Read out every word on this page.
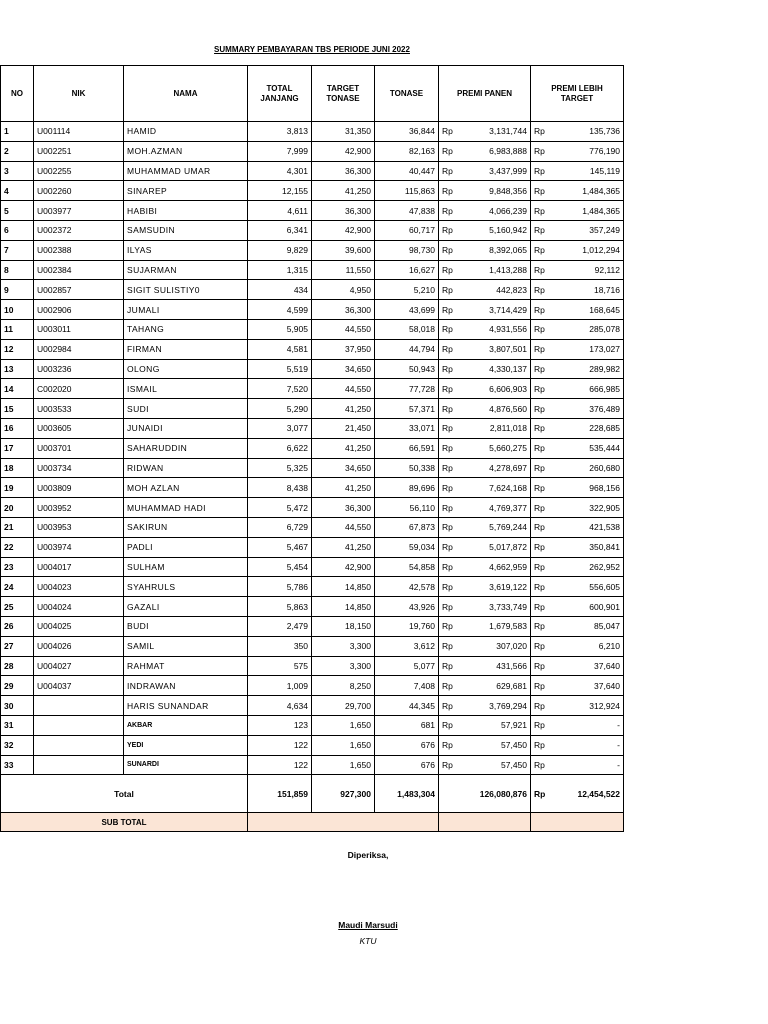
SUMMARY PEMBAYARAN TBS PERIODE JUNI 2022
NO	NIK	NAMA	TOTAL JANJANG	TARGET TONASE	TONASE	PREMI PANEN		PREMI LEBIH TARGET	
1	U001114	HAMID	3,813	31,350	36,844	Rp	3,131,744	Rp	135,736
2	U002251	MOH.AZMAN	7,999	42,900	82,163	Rp	6,983,888	Rp	776,190
3	U002255	MUHAMMAD UMAR	4,301	36,300	40,447	Rp	3,437,999	Rp	145,119
4	U002260	SINAREP	12,155	41,250	115,863	Rp	9,848,356	Rp	1,484,365
5	U003977	HABIBI	4,611	36,300	47,838	Rp	4,066,239	Rp	1,484,365
6	U002372	SAMSUDIN	6,341	42,900	60,717	Rp	5,160,942	Rp	357,249
7	U002388	ILYAS	9,829	39,600	98,730	Rp	8,392,065	Rp	1,012,294
8	U002384	SUJARMAN	1,315	11,550	16,627	Rp	1,413,288	Rp	92,112
9	U002857	SIGIT SULISTIY0	434	4,950	5,210	Rp	442,823	Rp	18,716
10	U002906	JUMALI	4,599	36,300	43,699	Rp	3,714,429	Rp	168,645
11	U003011	TAHANG	5,905	44,550	58,018	Rp	4,931,556	Rp	285,078
12	U002984	FIRMAN	4,581	37,950	44,794	Rp	3,807,501	Rp	173,027
13	U003236	OLONG	5,519	34,650	50,943	Rp	4,330,137	Rp	289,982
14	C002020	ISMAIL	7,520	44,550	77,728	Rp	6,606,903	Rp	666,985
15	U003533	SUDI	5,290	41,250	57,371	Rp	4,876,560	Rp	376,489
16	U003605	JUNAIDI	3,077	21,450	33,071	Rp	2,811,018	Rp	228,685
17	U003701	SAHARUDDIN	6,622	41,250	66,591	Rp	5,660,275	Rp	535,444
18	U003734	RIDWAN	5,325	34,650	50,338	Rp	4,278,697	Rp	260,680
19	U003809	MOH AZLAN	8,438	41,250	89,696	Rp	7,624,168	Rp	968,156
20	U003952	MUHAMMAD HADI	5,472	36,300	56,110	Rp	4,769,377	Rp	322,905
21	U003953	SAKIRUN	6,729	44,550	67,873	Rp	5,769,244	Rp	421,538
22	U003974	PADLI	5,467	41,250	59,034	Rp	5,017,872	Rp	350,841
23	U004017	SULHAM	5,454	42,900	54,858	Rp	4,662,959	Rp	262,952
24	U004023	SYAHRULS	5,786	14,850	42,578	Rp	3,619,122	Rp	556,605
25	U004024	GAZALI	5,863	14,850	43,926	Rp	3,733,749	Rp	600,901
26	U004025	BUDI	2,479	18,150	19,760	Rp	1,679,583	Rp	85,047
27	U004026	SAMIL	350	3,300	3,612	Rp	307,020	Rp	6,210
28	U004027	RAHMAT	575	3,300	5,077	Rp	431,566	Rp	37,640
29	U004037	INDRAWAN	1,009	8,250	7,408	Rp	629,681	Rp	37,640
30		HARIS SUNANDAR	4,634	29,700	44,345	Rp	3,769,294	Rp	312,924
31		AKBAR	123	1,650	681	Rp	57,921	Rp	-
32		YEDI	122	1,650	676	Rp	57,450	Rp	-
33		SUNARDI	122	1,650	676	Rp	57,450	Rp	-
Total			151,859	927,300	1,483,304	126,080,876		Rp	12,454,522
SUB TOTAL									
Diperiksa,
Maudi Marsudi
KTU
